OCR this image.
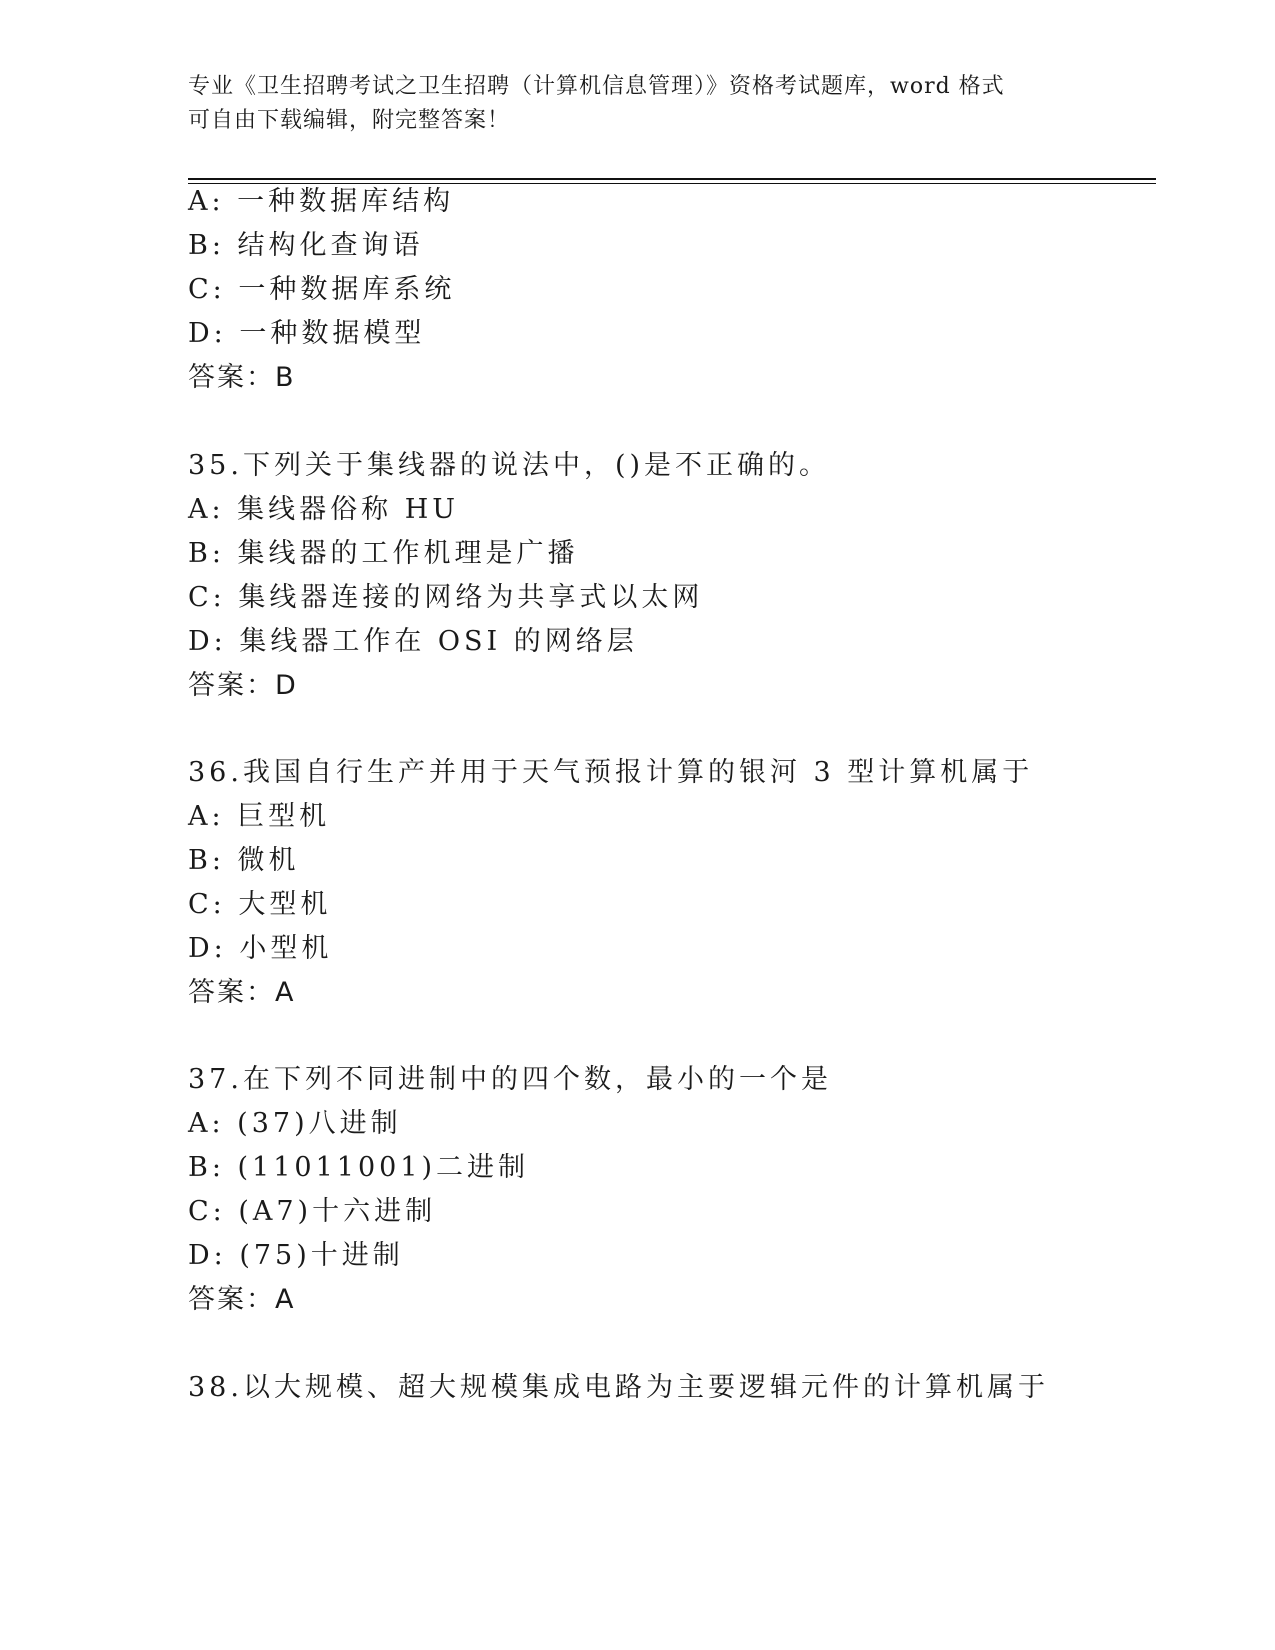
专业《卫生招聘考试之卫生招聘（计算机信息管理）》资格考试题库，word 格式
可自由下载编辑，附完整答案！
A: 一种数据库结构
B: 结构化查询语
C: 一种数据库系统
D: 一种数据模型
答案：B
35.下列关于集线器的说法中，()是不正确的。
A: 集线器俗称 HU
B: 集线器的工作机理是广播
C: 集线器连接的网络为共享式以太网
D: 集线器工作在 OSI 的网络层
答案：D
36.我国自行生产并用于天气预报计算的银河 3 型计算机属于
A: 巨型机
B: 微机
C: 大型机
D: 小型机
答案：A
37.在下列不同进制中的四个数，最小的一个是
A: (37)八进制
B: (11011001)二进制
C: (A7)十六进制
D: (75)十进制
答案：A
38.以大规模、超大规模集成电路为主要逻辑元件的计算机属于
